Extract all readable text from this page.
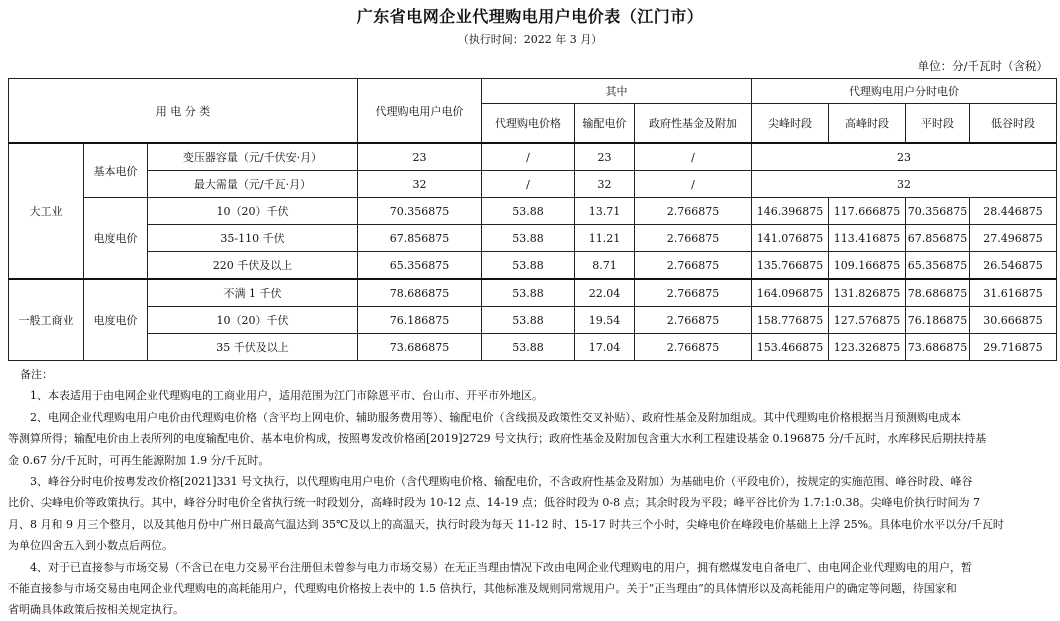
广东省电网企业代理购电用户电价表（江门市）
（执行时间：2022 年 3 月）
单位：分/千瓦时（含税）
用 电 分 类			代理购电用户电价	其中			代理购电用户分时电价			
				代理购电价格	输配电价	政府性基金及附加	尖峰时段	高峰时段	平时段	低谷时段
大工业	基本电价	变压器容量（元/千伏安·月）	23	/	23	/	23			
		最大需量（元/千瓦·月）	32	/	32	/	32			
	电度电价	10（20）千伏	70.356875	53.88	13.71	2.766875	146.396875	117.666875	70.356875	28.446875
		35-110 千伏	67.856875	53.88	11.21	2.766875	141.076875	113.416875	67.856875	27.496875
		220 千伏及以上	65.356875	53.88	8.71	2.766875	135.766875	109.166875	65.356875	26.546875
一般工商业	电度电价	不满 1 千伏	78.686875	53.88	22.04	2.766875	164.096875	131.826875	78.686875	31.616875
		10（20）千伏	76.186875	53.88	19.54	2.766875	158.776875	127.576875	76.186875	30.666875
		35 千伏及以上	73.686875	53.88	17.04	2.766875	153.466875	123.326875	73.686875	29.716875

备注：

1、本表适用于由电网企业代理购电的工商业用户，适用范围为江门市除恩平市、台山市、开平市外地区。

2、电网企业代理购电用户电价由代理购电价格（含平均上网电价、辅助服务费用等）、输配电价（含线损及政策性交叉补贴）、政府性基金及附加组成。其中代理购电价格根据当月预测购电成本

等测算所得；输配电价由上表所列的电度输配电价、基本电价构成，按照粤发改价格函[2019]2729 号文执行；政府性基金及附加包含重大水利工程建设基金 0.196875 分/千瓦时，水库移民后期扶持基

金 0.67 分/千瓦时，可再生能源附加 1.9 分/千瓦时。

3、峰谷分时电价按粤发改价格[2021]331 号文执行，以代理购电用户电价（含代理购电价格、输配电价，不含政府性基金及附加）为基础电价（平段电价），按规定的实施范围、峰谷时段、峰谷

比价、尖峰电价等政策执行。其中，峰谷分时电价全省执行统一时段划分，高峰时段为 10-12 点、14-19 点；低谷时段为 0-8 点；其余时段为平段；峰平谷比价为 1.7:1:0.38。尖峰电价执行时间为 7

月、8 月和 9 月三个整月，以及其他月份中广州日最高气温达到 35℃及以上的高温天，执行时段为每天 11-12 时、15-17 时共三个小时，尖峰电价在峰段电价基础上上浮 25%。具体电价水平以分/千瓦时

为单位四舍五入到小数点后两位。

4、对于已直接参与市场交易（不含已在电力交易平台注册但未曾参与电力市场交易）在无正当理由情况下改由电网企业代理购电的用户，拥有燃煤发电自备电厂、由电网企业代理购电的用户，暂

不能直接参与市场交易由电网企业代理购电的高耗能用户，代理购电价格按上表中的 1.5 倍执行，其他标准及规则同常规用户。关于“正当理由”的具体情形以及高耗能用户的确定等问题，待国家和

省明确具体政策后按相关规定执行。
